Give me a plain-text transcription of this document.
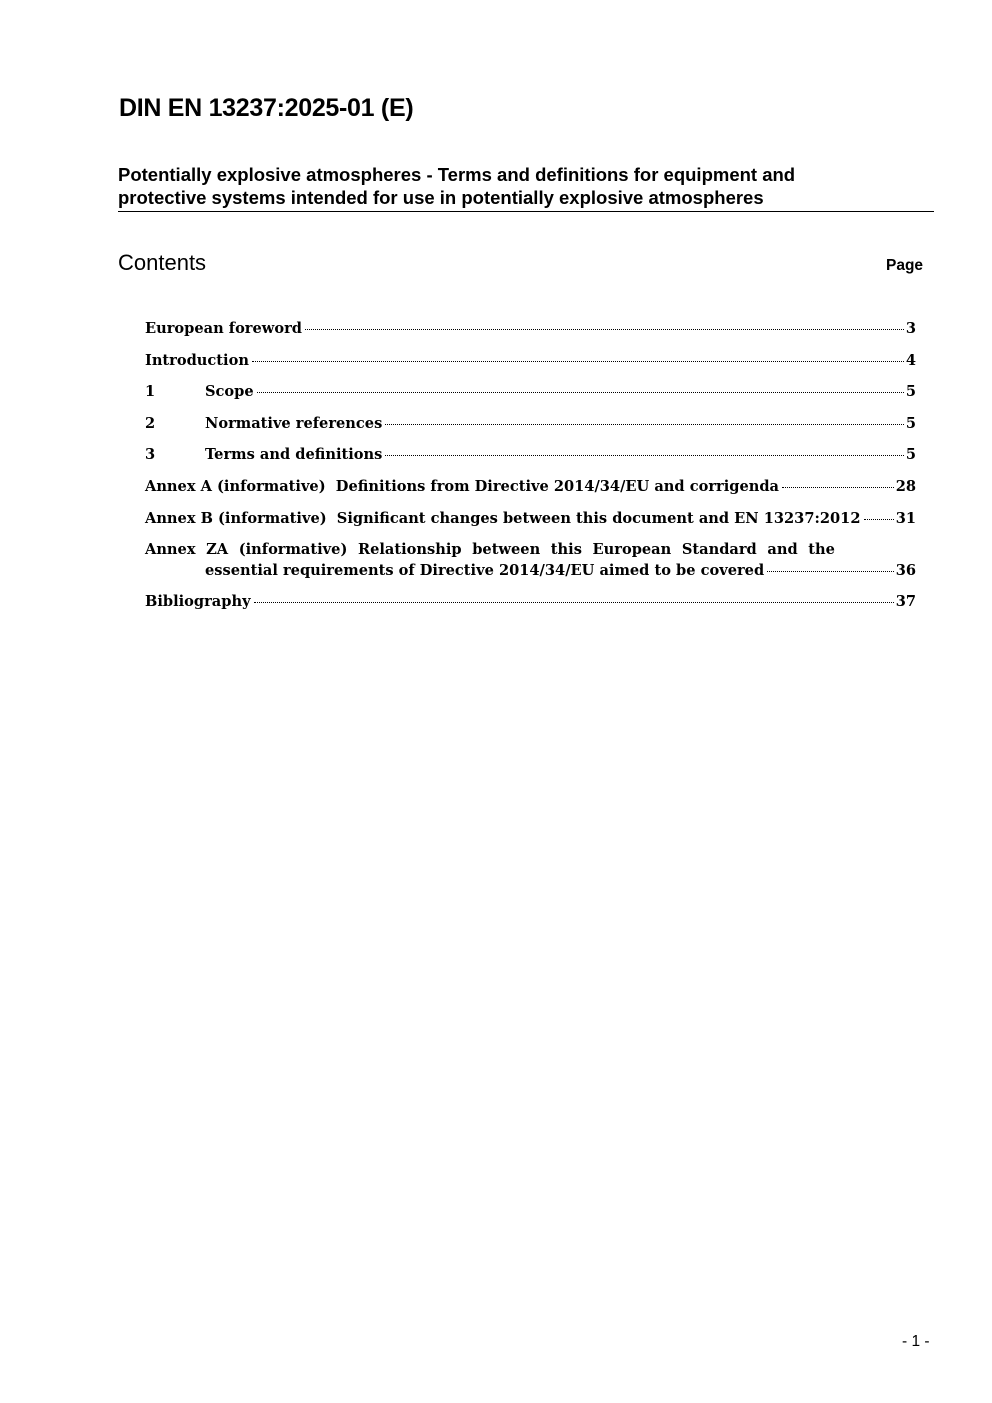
DIN EN 13237:2025-01 (E)
Potentially explosive atmospheres - Terms and definitions for equipment and
protective systems intended for use in potentially explosive atmospheres
Contents	Page
European foreword	3
Introduction	4
1	Scope	5
2	Normative references	5
3	Terms and definitions	5
Annex A (informative)  Definitions from Directive 2014/34/EU and corrigenda	28
Annex B (informative)  Significant changes between this document and EN 13237:2012 31
Annex ZA (informative) Relationship between this European Standard and the
essential requirements of Directive 2014/34/EU aimed to be covered	36
Bibliography	37
- 1 -
